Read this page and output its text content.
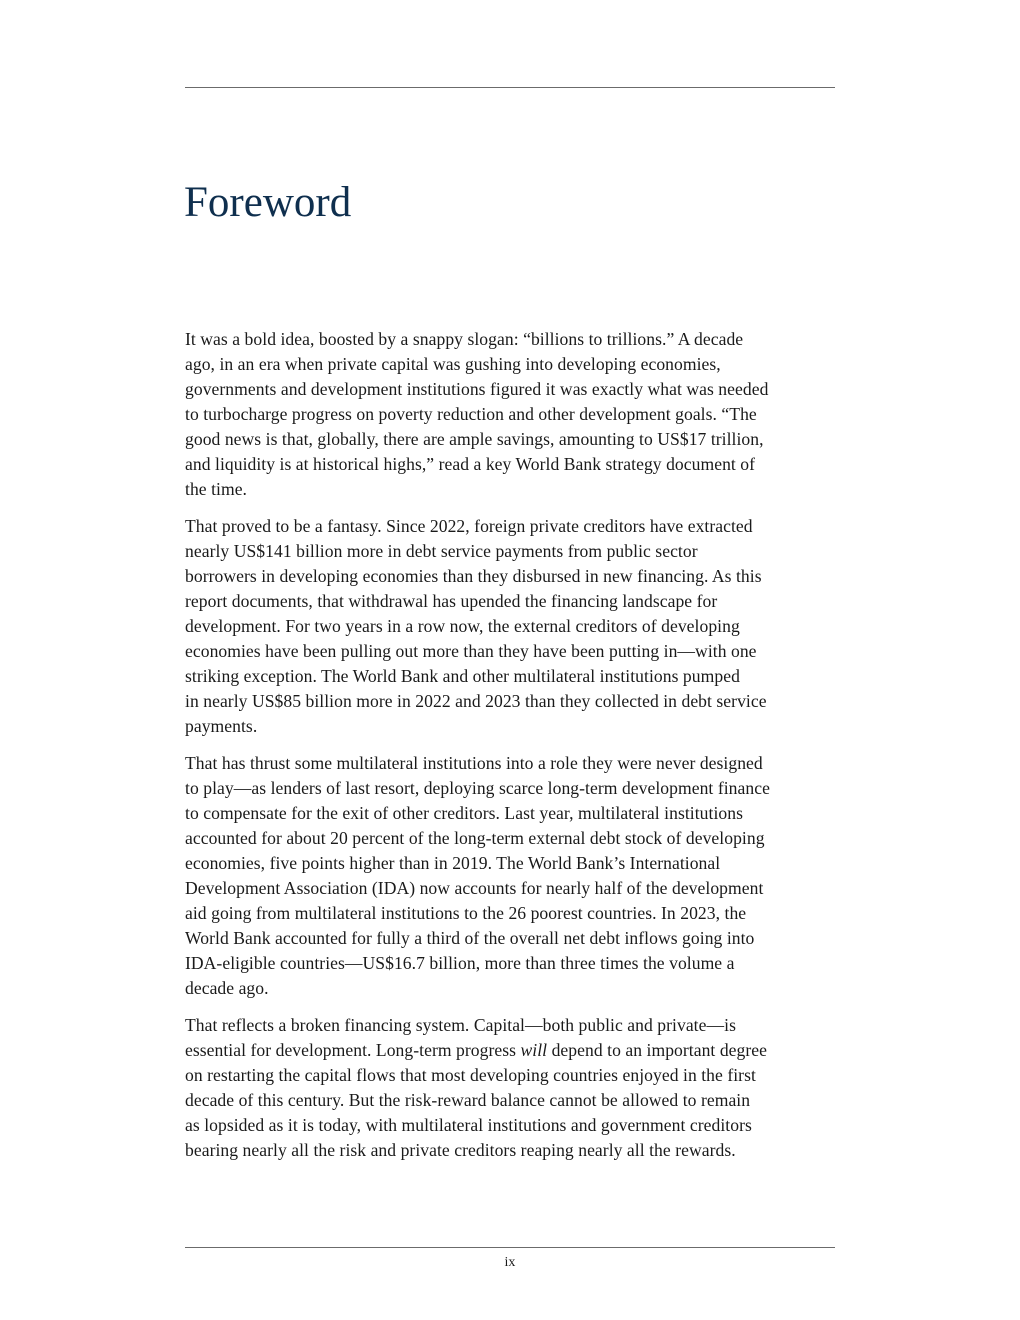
Foreword

It was a bold idea, boosted by a snappy slogan: “billions to trillions.” A decade
ago, in an era when private capital was gushing into developing economies,
governments and development institutions figured it was exactly what was needed
to turbocharge progress on poverty reduction and other development goals. “The
good news is that, globally, there are ample savings, amounting to US$17 trillion,
and liquidity is at historical highs,” read a key World Bank strategy document of
the time.

That proved to be a fantasy. Since 2022, foreign private creditors have extracted
nearly US$141 billion more in debt service payments from public sector
borrowers in developing economies than they disbursed in new financing. As this
report documents, that withdrawal has upended the financing landscape for
development. For two years in a row now, the external creditors of developing
economies have been pulling out more than they have been putting in—with one
striking exception. The World Bank and other multilateral institutions pumped
in nearly US$85 billion more in 2022 and 2023 than they collected in debt service
payments.

That has thrust some multilateral institutions into a role they were never designed
to play—as lenders of last resort, deploying scarce long-term development finance
to compensate for the exit of other creditors. Last year, multilateral institutions
accounted for about 20 percent of the long-term external debt stock of developing
economies, five points higher than in 2019. The World Bank’s International
Development Association (IDA) now accounts for nearly half of the development
aid going from multilateral institutions to the 26 poorest countries. In 2023, the
World Bank accounted for fully a third of the overall net debt inflows going into
IDA-eligible countries—US$16.7 billion, more than three times the volume a
decade ago.

That reflects a broken financing system. Capital—both public and private—is
essential for development. Long-term progress will depend to an important degree
on restarting the capital flows that most developing countries enjoyed in the first
decade of this century. But the risk-reward balance cannot be allowed to remain
as lopsided as it is today, with multilateral institutions and government creditors
bearing nearly all the risk and private creditors reaping nearly all the rewards.

ix
